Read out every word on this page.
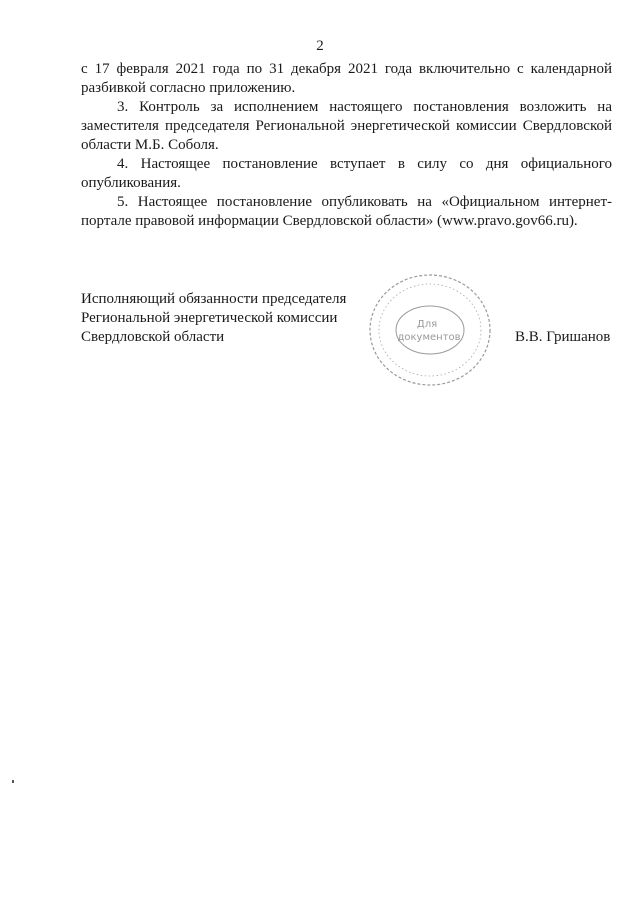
2

с 17 февраля 2021 года по 31 декабря 2021 года включительно с календарной разбивкой согласно приложению.

3. Контроль за исполнением настоящего постановления возложить на заместителя председателя Региональной энергетической комиссии Свердловской области М.Б. Соболя.

4. Настоящее постановление вступает в силу со дня официального опубликования.

5. Настоящее постановление опубликовать на «Официальном интернет-портале правовой информации Свердловской области» (www.pravo.gov66.ru).

Исполняющий обязанности председателя
Региональной энергетической комиссии
Свердловской области
Для
документов	В.В. Гришанов
